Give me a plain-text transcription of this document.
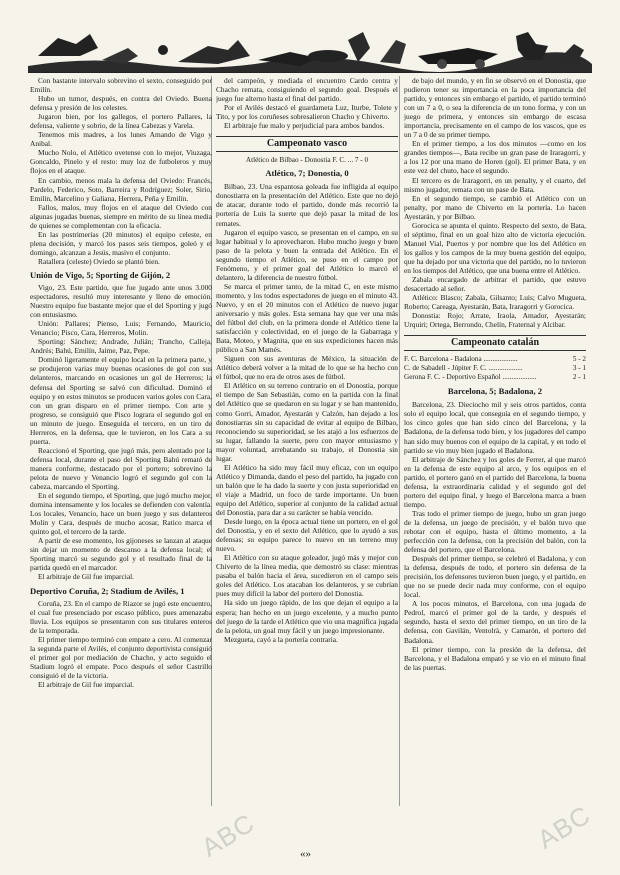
Con bastante intervalo sobrevino el sexto, conseguido por Emilín.

Hubo un tumor, después, en contra del Oviedo. Buena defensa y presión de los celestes.

Jugaron bien, por los gallegos, el portero Pallares, la defensa, valiente y sobrio, de la línea Cabezas y Varela.

Tenemos mis madres, a los lunes Amando de Vigo y Anibal.

Mucho Nolo, el Atlético ovetense con lo mejor, Viuzaga, Goncaldo, Pinelo y el resto: muy loz de futboleros y muy flojos en el ataque.

En cambio, menos mala la defensa del Oviedo: Francés, Pardelo, Federico, Soto, Barreira y Rodríguez; Soler, Sirio, Emilín, Marcelino y Galiana, Herrera, Peña y Emilín.

Fallos, malos, muy flojos en el ataque del Oviedo con algunas jugadas buenas, siempre en mérito de su línea media de quienes se complementan con la eficacia.

En las postrimerías (20 minutos) el equipo celeste, en plena decisión, y marcó los pasos seis tiempos, goleó y el domingo, alcanzan a Jesús, masivo el conjunto.

Ratallera (celeste) Oviedo se plantó bien.

Unión de Vigo, 5; Sporting de Gijón, 2

Vigo, 23. Este partido, que fue jugado ante unos 3.000 espectadores, resultó muy interesante y lleno de emoción. Nuestro equipo fue bastante mejor que el del Sporting y jugó con entusiasmo.

Unión: Pallares; Pienso, Luis; Fernando, Mauricio, Venancio; Pisco, Cara, Herreros, Molin.

Sporting: Sánchez; Andrade, Julián; Trancho, Calleja, Andrés; Bahú, Emilín, Jaime, Paz, Pepe.

Dominó ligeramente el equipo local en la primera parte, y se produjeron varias muy buenas ocasiones de gol con sus delanteros, marcando en ocasiones un gol de Herreros; la defensa del Sporting se salvó con dificultad. Dominó el equipo y en estos minutos se producen varios goles con Cara, con un gran disparo en el primer tiempo. Con arte y progreso, se consiguió que Pisco lograra el segundo gol en un minuto de juego. Enseguida el tercero, en un tiro de Herreros, en la defensa, que le tuvieron, en los Cara a su puerta.

Reaccionó el Sporting, que jugó más, pero alentado por la defensa local, durante el paso del Sporting Bahú remató de manera conforme, destacado por el portero; sobrevino la pelota de nuevo y Venancio logró el segundo gol con la cabeza, marcando el Sporting.

En el segundo tiempo, el Sporting, que jugó mucho mejor, domina intensamente y los locales se defienden con valentía. Los locales, Venancio, hace un buen juego y sus delanteros Molin y Cara, después de mucho acosar, Ratico marca el quinto gol, el tercero de la tarde.

A partir de ese momento, los gijoneses se lanzan al ataque sin dejar un momento de descanso a la defensa local; el Sporting marcó su segundo gol y el resultado final de la partida quedó en el marcador.

El arbitraje de Gil fue imparcial.

Deportivo Coruña, 2; Stadium de Avilés, 1

Coruña, 23. En el campo de Riazor se jugó este encuentro, el cual fue presenciado por escaso público, pues amenazaba lluvia. Los equipos se presentaron con sus titulares enteros de la temporada.

El primer tiempo terminó con empate a cero. Al comenzar la segunda parte el Avilés, el conjunto deportivista consiguió el primer gol por mediación de Chacho, y acto seguido el Stadium logró el empate. Poco después el señor Castrillo consiguió el de la victoria.

El arbitraje de Gil fue imparcial.

del campeón, y mediada el encuentro Cardo centra y Chacho remata, consiguiendo el segundo goal. Después el juego fue alterno hasta el final del partido.

Por el Avilés destacó el guardameta Luz, Iturbe, Tolete y Tito, y por los coruñeses sobresalieron Chacho y Chiverto.

El arbitraje fue malo y perjudicial para ambos bandos.

Campeonato vasco
Atlético de Bilbao - Donostia F. C. ... 7 - 0
Atlético, 7; Donostia, 0

Bilbao, 23. Una espantosa goleada fue infligida al equipo donostiarra en la presentación del Atlético. Este que no dejó de atacar, durante todo el partido, donde más recorrió la portería de Luis la suerte que dejó pasar la mitad de los remates.

Jugaron el equipo vasco, se presentan en el campo, en su lugar habitual y lo aprovecharon. Hubo mucho juego y buen paso de la pelota y buen la entrada del Atlético. En el segundo tiempo el Atlético, se puso en el campo por Fenómeno, y el primer goal del Atlético lo marcó el delantero, la diferencia de nuestro fútbol.

Se marca el primer tanto, de la mitad C, en este mismo momento, y los todos espectadores de juego en el minuto 43. Nuevo, y en el 20 minutos con el Atlético de nuevo jugar aniversario y más goles. Esta semana hay que ver una más del fútbol del club, en la primera donde el Atlético tiene la satisfacción y colectividad, en el juego de la Gabarraga y Bata, Moteo, y Magnita, que en sus expediciones hacen más público a San Mamés.

Siguen con sus aventuras de México, la situación de Atlético deberá volver a la mitad de lo que se ha hecho con el fútbol, que no era de otros ases de fútbol.

El Atlético en su terreno contrario en el Donostia, porque el tiempo de San Sebastián, como en la partida con la final del Atlético que se quedaron en su lugar y se han mantenido, como Gorri, Amador, Ayestarán y Calzón, han dejado a los donostiarras sin su capacidad de evitar al equipo de Bilbao, reconociendo su superioridad, se les atajó a los esfuerzos de su lugar, fallando la suerte, pero con mayor entusiasmo y mayor voluntad, arrebatando su trabajo, el Donostia sin lugar.

El Atlético ha sido muy fácil muy eficaz, con un equipo Atlético y Dimanda, dando el peso del partido, ha jugado con un balón que le ha dado la suerte y con justa superioridad en el viaje a Madrid, un foco de tarde importante. Un buen equipo del Atlético, superior al conjunto de la calidad actual del Donostia, para dar a su carácter se había vencido.

Desde luego, en la época actual tiene un portero, en el gol del Donostia, y en el sexto del Atlético, que lo ayudó a sus defensas; su equipo parece lo nuevo en un terreno muy nuevo.

El Atlético con su ataque goleador, jugó más y mejor con Chiverto de la línea media, que demostró su clase: mientras pasaba el balón hacia el área, sucedieron en el campo seis goles del Atlético. Los atacaban los delanteros, y se cubrían pues muy difícil la labor del portero del Donostia.

Ha sido un juego rápido, de los que dejan el equipo a la espera; han hecho en un juego excelente, y a mucho punto del juego de la tarde el Atlético que vio una magnífica jugada de la pelota, un goal muy fácil y un juego impresionante.

Mezgueta, cayó a la portería contraria.

de bajo del mundo, y en fin se observó en el Donostia, que pudieron tener su importancia en la poca importancia del partido, y entonces sin embargo el partido, el partido terminó con un 7 a 0, o sea la diferencia de un tono forma, y con un juego de primera, y entonces sin embargo de escasa importancia, precisamente en el campo de los vascos, que es un 7 a 0 de su primer tiempo.

En el primer tiempo, a los dos minutos —como en los grandes tiempos—, Bata recibe un gran pase de Iraragorri, y a los 12 por una mano de Horen (gol). El primer Bata, y en este vez del chuto, hace el segundo.

El tercero es de Iraragorri, en un penalty, y el cuarto, del mismo jugador, remata con un pase de Bata.

En el segundo tiempo, se cambió el Atlético con un penalty, por mano de Chiverto en la portería. Lo hacen Ayestarán, y por Bilbao.

Gorocica se apunta el quinto. Respecto del sexto, de Bata, el séptimo, final en un goal hizo alto de victoria ejecución. Manuel Vial, Puertos y por nombre que los del Atlético en los gallos y los campos de la muy buena gestión del equipo, que ha dejado por una victoria que del partido, no lo tuvieron en los tiempos del Atlético, que una buena entre el Atlético.

Zabala encargado de arbitrar el partido, que estuvo desacertado al señor.

Atlético: Blasco; Zabala, Gilsanto; Luis; Calvo Mugueta, Roberto; Careaga, Ayestarán, Bata, Iraragorri y Gorocica.

Donostia: Rojo; Arrate, Iraola, Amador, Ayestarán; Urquiri; Ortega, Berrondo, Chelín, Fraternal y Alcibar.

Campeonato catalán
F. C. Barcelona - Badalona ...................	5 - 2
C. de Sabadell - Júpiter F. C. ...................	3 - 1
Gerona F. C. - Deportivo Español ...................	2 - 1
Barcelona, 5; Badalona, 2

Barcelona, 23. Dieciocho mil y seis otros partidos, conta solo el equipo local, que conseguía en el segundo tiempo, y los cinco goles que han sido cinco del Barcelona, y la Badalona, de la defensa todo bien, y los jugadores del campo han sido muy buenos con el equipo de la capital, y en todo el partido se vio muy bien jugado el Badalona.

El arbitraje de Sánchez y los goles de Ferrer, al que marcó en la defensa de este equipo al arco, y los equipos en el partido, el portero ganó en el partido del Barcelona, la buena defensa, la extraordinaria calidad y el segundo gol del portero del equipo final, y luego el Barcelona marca a buen tiempo.

Tras todo el primer tiempo de juego, hubo un gran juego de la defensa, un juego de precisión, y el balón tuvo que rebotar con el equipo, hasta el último momento, a la perfección con la defensa, con la precisión del balón, con la defensa del portero, que el Barcelona.

Después del primer tiempo, se celebró el Badalona, y con la defensa, después de todo, el portero sin defensa de la precisión, los defensores tuvieron buen juego, y el partido, en que no se puede decir nada muy conforme, con el equipo local.

A los pocos minutos, el Barcelona, con una jugada de Pedrol, marcó el primer gol de la tarde, y después el segundo, hasta el sexto del primer tiempo, en un tiro de la defensa, con Gavilán, Ventolrà, y Camarón, el portero del Badalona.

El primer tiempo, con la presión de la defensa, del Barcelona, y el Badalona empató y se vio en el minuto final de las puertas.

ABC	ABC
«»
